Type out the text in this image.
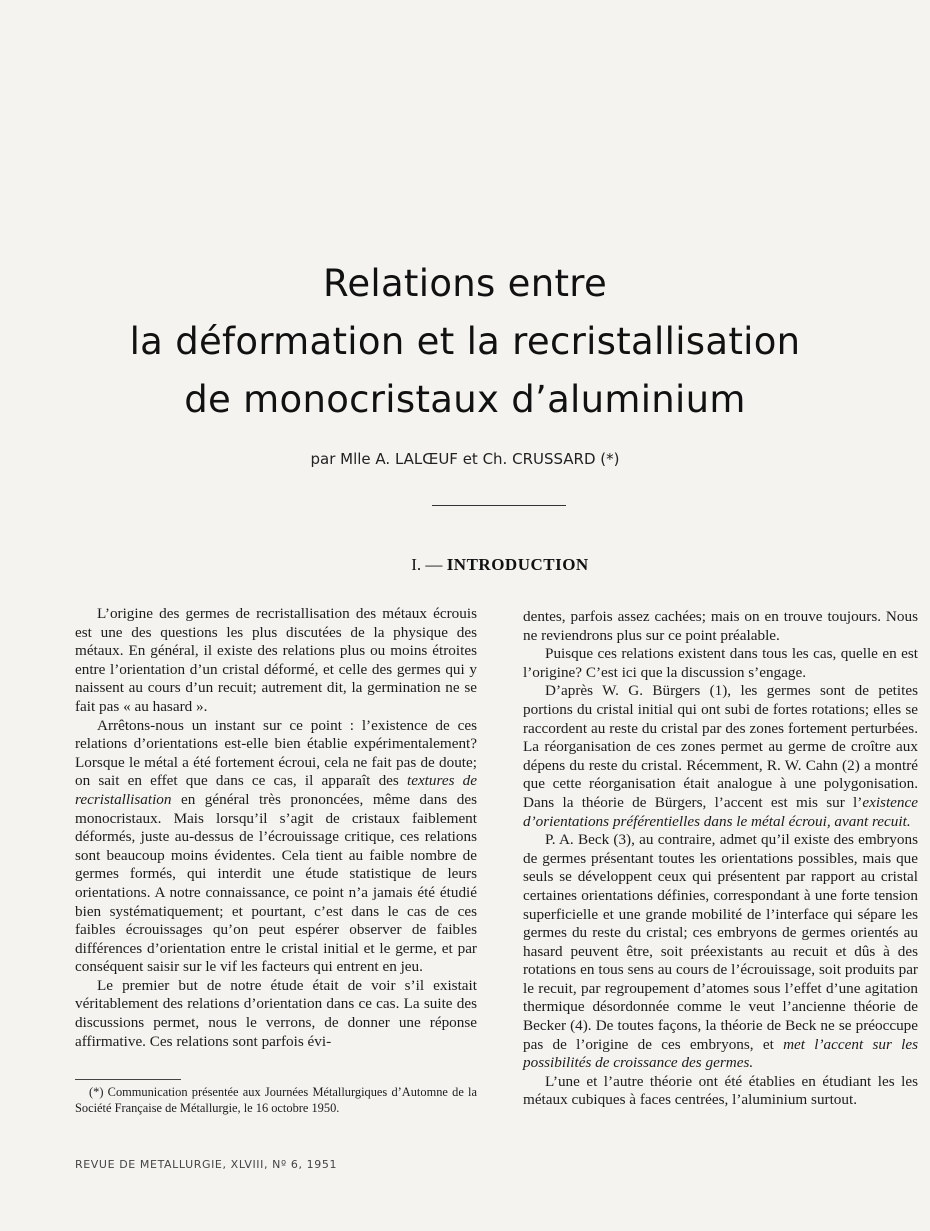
Relations entre
la déformation et la recristallisation
de monocristaux d’aluminium
par Mlle A. LALŒUF et Ch. CRUSSARD (*)
I. — INTRODUCTION

L’origine des germes de recristallisation des métaux écrouis est une des questions les plus discutées de la physique des métaux. En général, il existe des relations plus ou moins étroites entre l’orientation d’un cristal déformé, et celle des germes qui y naissent au cours d’un recuit; autrement dit, la germination ne se fait pas « au hasard ».

Arrêtons-nous un instant sur ce point : l’existence de ces relations d’orientations est-elle bien établie expérimentalement? Lorsque le métal a été fortement écroui, cela ne fait pas de doute; on sait en effet que dans ce cas, il apparaît des textures de recristallisation en général très prononcées, même dans des monocristaux. Mais lorsqu’il s’agit de cristaux faiblement déformés, juste au-dessus de l’écrouissage critique, ces relations sont beaucoup moins évidentes. Cela tient au faible nombre de germes formés, qui interdit une étude statistique de leurs orientations. A notre connaissance, ce point n’a jamais été étudié bien systématiquement; et pourtant, c’est dans le cas de ces faibles écrouissages qu’on peut espérer observer de faibles différences d’orientation entre le cristal initial et le germe, et par conséquent saisir sur le vif les facteurs qui entrent en jeu.

Le premier but de notre étude était de voir s’il existait véritablement des relations d’orientation dans ce cas. La suite des discussions permet, nous le verrons, de donner une réponse affirmative. Ces relations sont parfois évi-

dentes, parfois assez cachées; mais on en trouve toujours. Nous ne reviendrons plus sur ce point préalable.

Puisque ces relations existent dans tous les cas, quelle en est l’origine? C’est ici que la discussion s’engage.

D’après W. G. Bürgers (1), les germes sont de petites portions du cristal initial qui ont subi de fortes rotations; elles se raccordent au reste du cristal par des zones fortement perturbées. La réorganisation de ces zones permet au germe de croître aux dépens du reste du cristal. Récemment, R. W. Cahn (2) a montré que cette réorganisation était analogue à une polygonisation. Dans la théorie de Bürgers, l’accent est mis sur l’existence d’orientations préférentielles dans le métal écroui, avant recuit.

P. A. Beck (3), au contraire, admet qu’il existe des embryons de germes présentant toutes les orientations possibles, mais que seuls se développent ceux qui présentent par rapport au cristal certaines orientations définies, correspondant à une forte tension superficielle et une grande mobilité de l’interface qui sépare les germes du reste du cristal; ces embryons de germes orientés au hasard peuvent être, soit préexistants au recuit et dûs à des rotations en tous sens au cours de l’écrouissage, soit produits par le recuit, par regroupement d’atomes sous l’effet d’une agitation thermique désordonnée comme le veut l’ancienne théorie de Becker (4). De toutes façons, la théorie de Beck ne se préoccupe pas de l’origine de ces embryons, et met l’accent sur les possibilités de croissance des germes.

L’une et l’autre théorie ont été établies en étudiant les les métaux cubiques à faces centrées, l’aluminium surtout.

(*) Communication présentée aux Journées Métallurgiques d’Automne de la Société Française de Métallurgie, le 16 octobre 1950.
REVUE DE METALLURGIE, XLVIII, Nº 6, 1951
